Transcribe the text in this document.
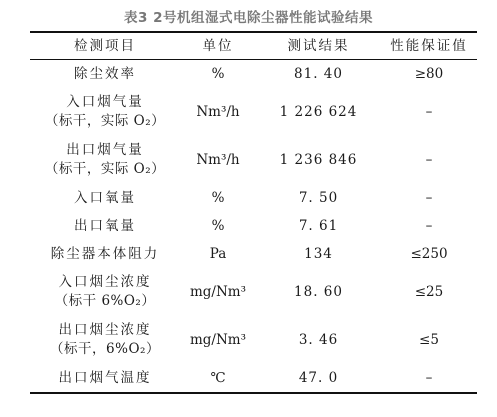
表3 2号机组湿式电除尘器性能试验结果
检测项目	单位	测试结果	性能保证值
除尘效率	%	81. 40	≥80
入口烟气量
（标干，实际 O₂）
Nm³/h	1 226 624	–
出口烟气量
（标干，实际 O₂）
Nm³/h	1 236 846	–
入口氧量	%	7. 50	–
出口氧量	%	7. 61	–
除尘器本体阻力	Pa	134	≤250
入口烟尘浓度
（标干 6%O₂）
mg/Nm³	18. 60	≤25
出口烟尘浓度
（标干，6%O₂）
mg/Nm³	3. 46	≤5
出口烟气温度	℃	47. 0	–
